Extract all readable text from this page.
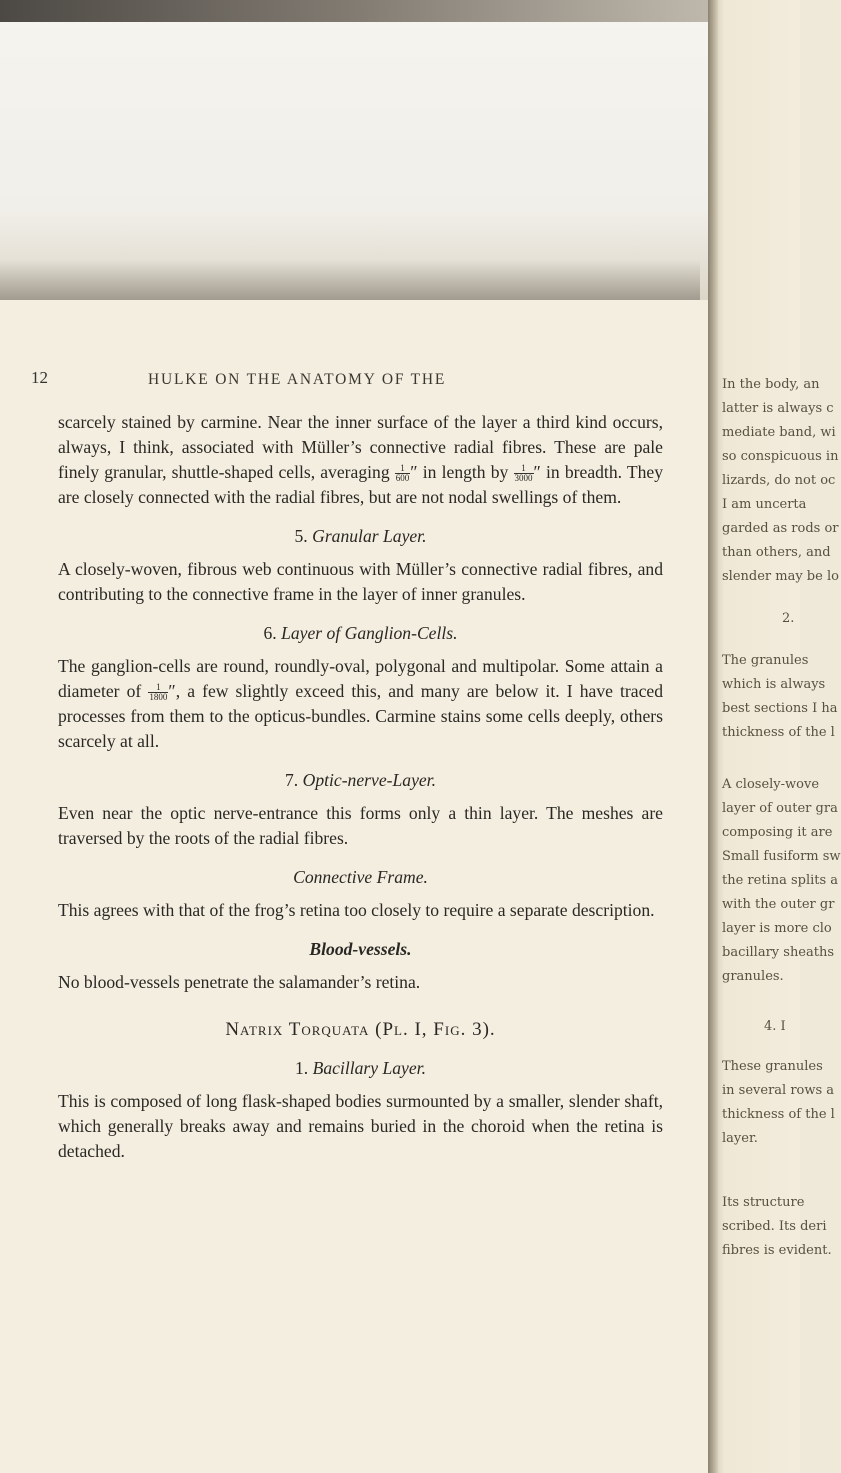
In the body, an
latter is always c
mediate band, wi
so conspicuous in
lizards, do not oc
I am uncerta
garded as rods or
than others, and
slender may be lo
2.
The granules
which is always
best sections I ha
thickness of the l
A closely-wove
layer of outer gra
composing it are
Small fusiform sw
the retina splits a
with the outer gr
layer is more clo
bacillary sheaths
granules.
4. I
These granules
in several rows a
thickness of the l
layer.
Its structure
scribed. Its deri
fibres is evident.
12	HULKE ON THE ANATOMY OF THE

scarcely stained by carmine. Near the inner surface of the layer a third kind occurs, always, I think, associated with Müller’s connective radial fibres. These are pale finely granular, shuttle-shaped cells, averaging $\frac{1}{600}$ ″ in length by $\frac{1}{3000}$ ″ in breadth. They are closely connected with the radial fibres, but are not nodal swellings of them.

5. Granular Layer.

A closely-woven, fibrous web continuous with Müller’s connective radial fibres, and contributing to the connective frame in the layer of inner granules.

6. Layer of Ganglion-Cells.

The ganglion-cells are round, roundly-oval, polygonal and multipolar. Some attain a diameter of $\frac{1}{1800}$ ″, a few slightly exceed this, and many are below it. I have traced processes from them to the opticus-bundles. Carmine stains some cells deeply, others scarcely at all.

7. Optic-nerve-Layer.

Even near the optic nerve-entrance this forms only a thin layer. The meshes are traversed by the roots of the radial fibres.

Connective Frame.

This agrees with that of the frog’s retina too closely to require a separate description.

Blood-vessels.

No blood-vessels penetrate the salamander’s retina.

Natrix Torquata (Pl. I, Fig. 3).
1. Bacillary Layer.

This is composed of long flask-shaped bodies surmounted by a smaller, slender shaft, which generally breaks away and remains buried in the choroid when the retina is detached.
